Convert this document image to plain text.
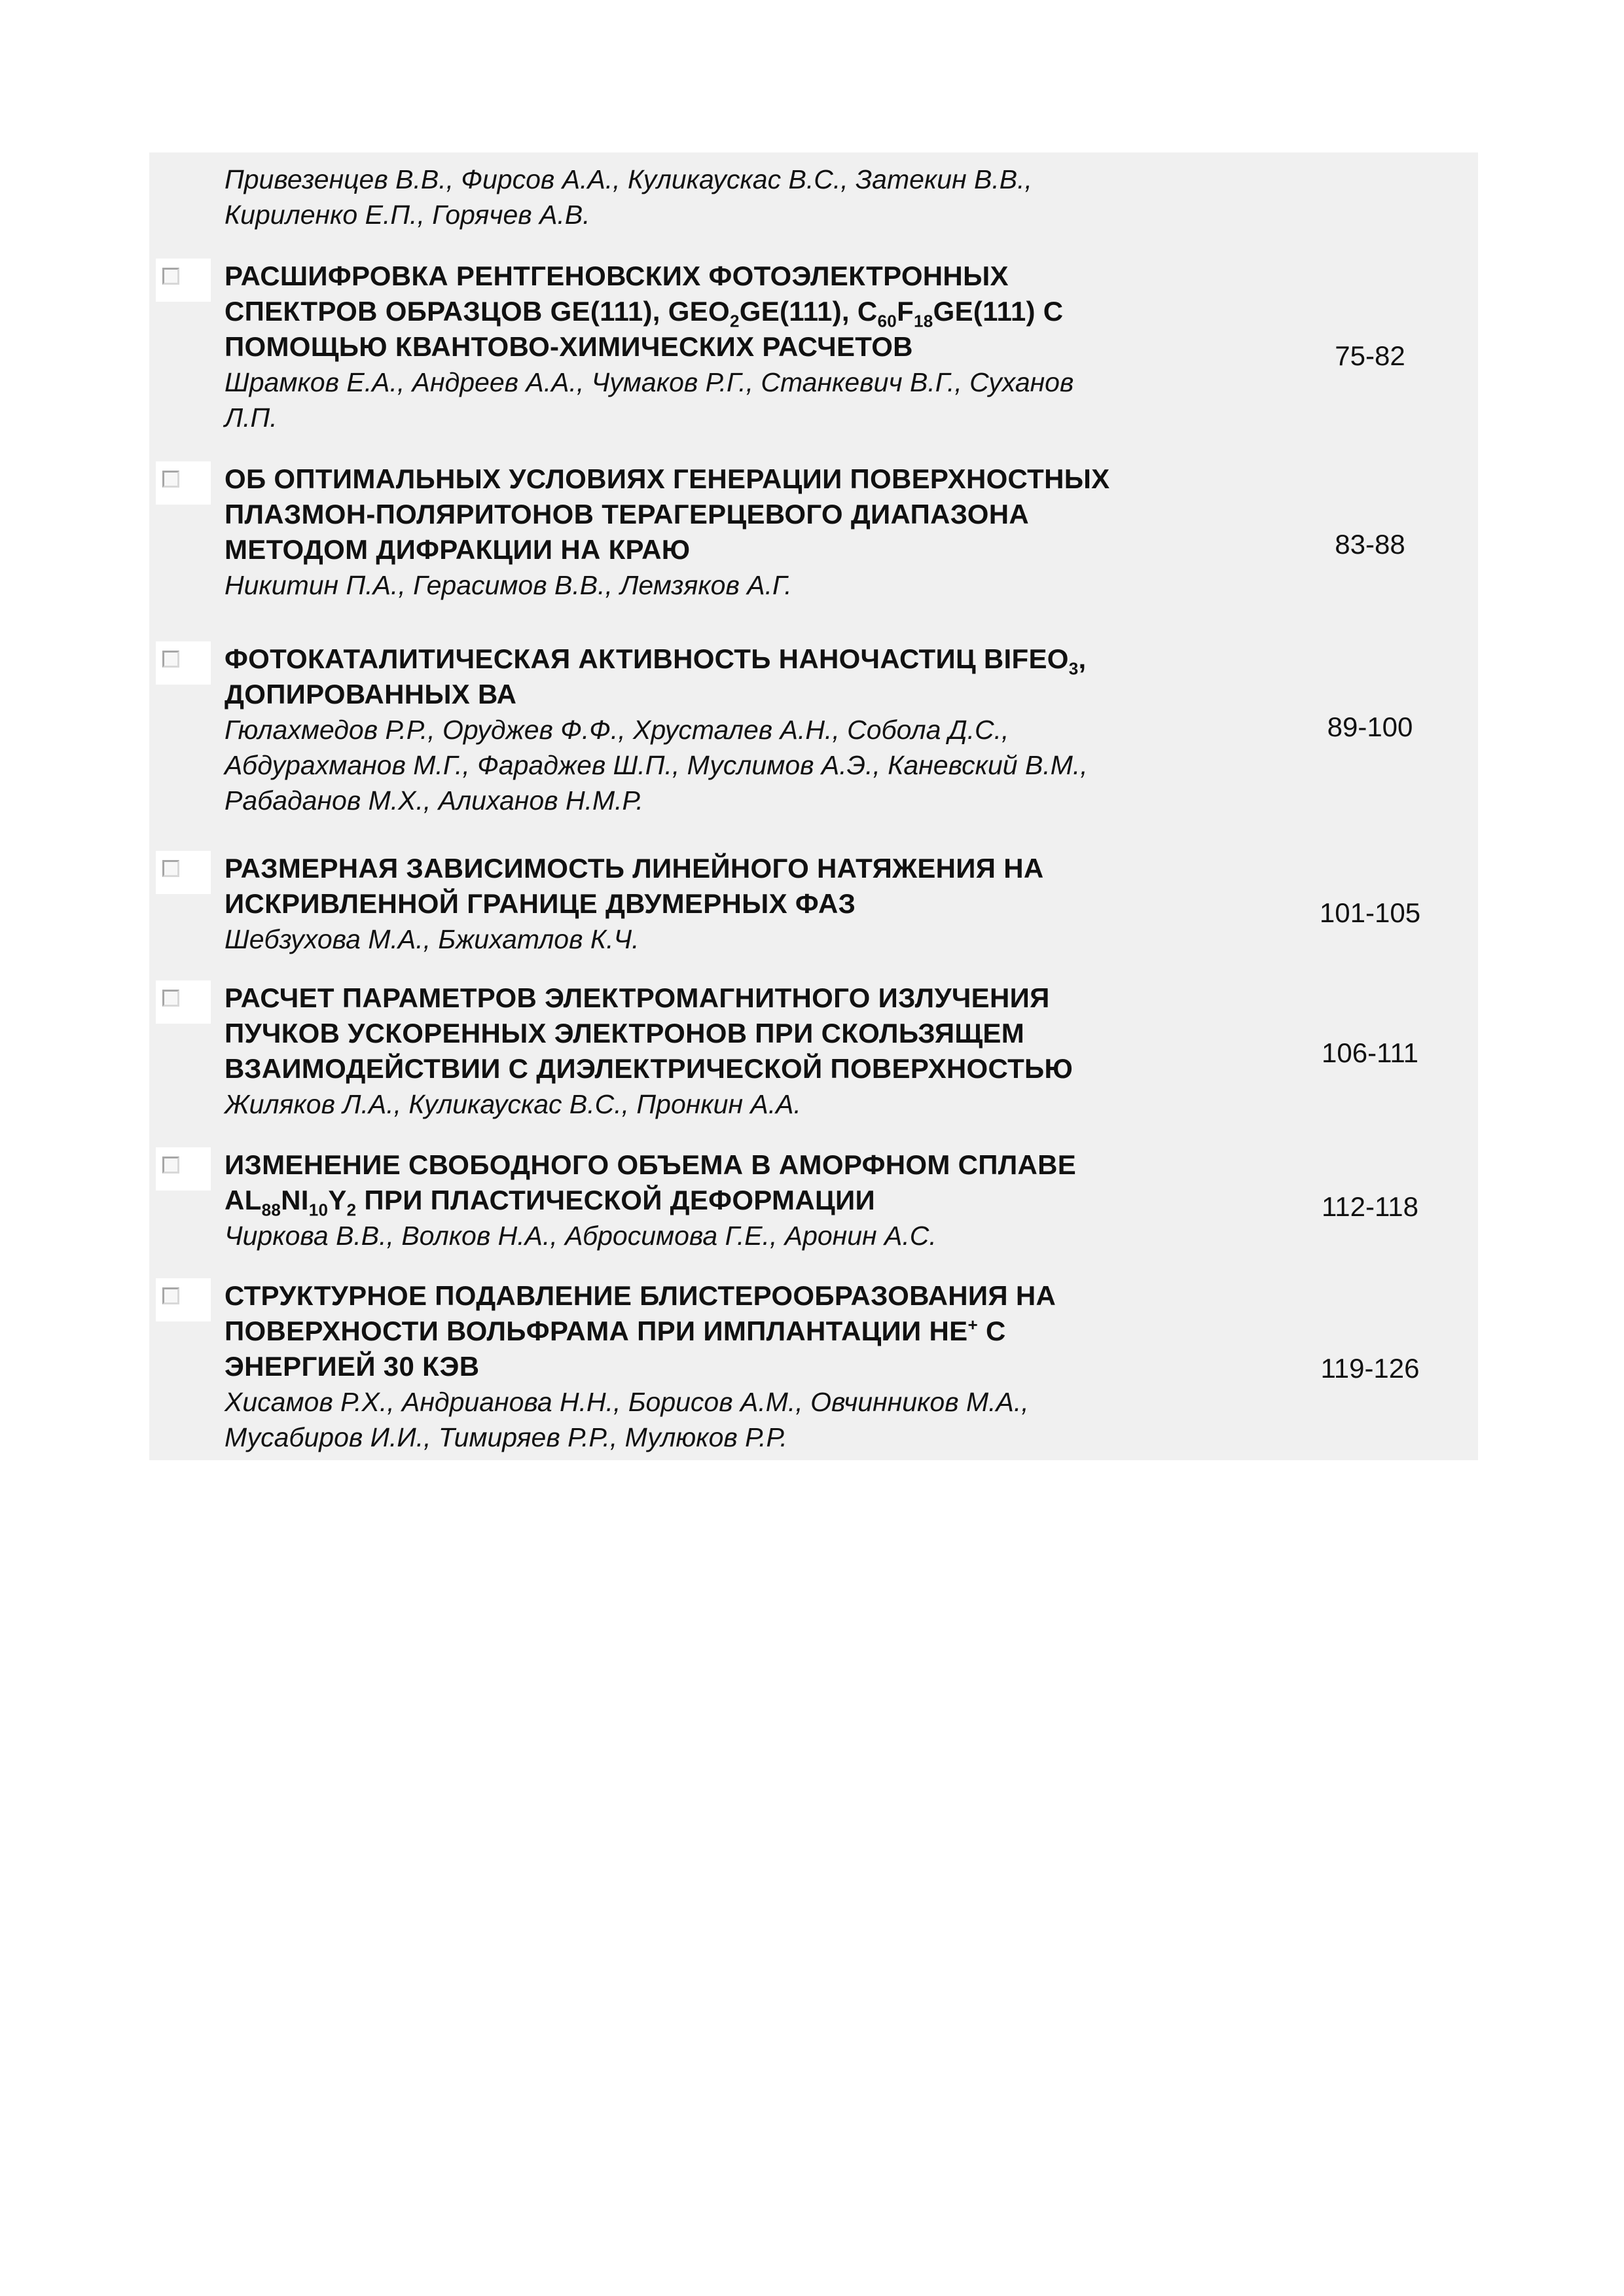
Привезенцев В.В., Фирсов А.А., Куликаускас В.С., Затекин В.В.,
Кириленко Е.П., Горячев А.В.
РАСШИФРОВКА РЕНТГЕНОВСКИХ ФОТОЭЛЕКТРОННЫХ
СПЕКТРОВ ОБРАЗЦОВ GE(111), $GEO_2GE(111)$, $C_{60}F_{18}GE(111)$ С
ПОМОЩЬЮ КВАНТОВО-ХИМИЧЕСКИХ РАСЧЕТОВ
Шрамков Е.А., Андреев А.А., Чумаков Р.Г., Станкевич В.Г., Суханов
Л.П.
75-82
ОБ ОПТИМАЛЬНЫХ УСЛОВИЯХ ГЕНЕРАЦИИ ПОВЕРХНОСТНЫХ
ПЛАЗМОН-ПОЛЯРИТОНОВ ТЕРАГЕРЦЕВОГО ДИАПАЗОНА
МЕТОДОМ ДИФРАКЦИИ НА КРАЮ
Никитин П.А., Герасимов В.В., Лемзяков А.Г.
83-88
ФОТОКАТАЛИТИЧЕСКАЯ АКТИВНОСТЬ НАНОЧАСТИЦ $BIFEO_3$,
ДОПИРОВАННЫХ ВА
Гюлахмедов Р.Р., Оруджев Ф.Ф., Хрусталев А.Н., Собола Д.С.,
Абдурахманов М.Г., Фараджев Ш.П., Муслимов А.Э., Каневский В.М.,
Рабаданов М.Х., Алиханов Н.М.Р.
89-100
РАЗМЕРНАЯ ЗАВИСИМОСТЬ ЛИНЕЙНОГО НАТЯЖЕНИЯ НА
ИСКРИВЛЕННОЙ ГРАНИЦЕ ДВУМЕРНЫХ ФАЗ
Шебзухова М.А., Бжихатлов К.Ч.
101-105
РАСЧЕТ ПАРАМЕТРОВ ЭЛЕКТРОМАГНИТНОГО ИЗЛУЧЕНИЯ
ПУЧКОВ УСКОРЕННЫХ ЭЛЕКТРОНОВ ПРИ СКОЛЬЗЯЩЕМ
ВЗАИМОДЕЙСТВИИ С ДИЭЛЕКТРИЧЕСКОЙ ПОВЕРХНОСТЬЮ
Жиляков Л.А., Куликаускас В.С., Пронкин А.А.
106-111
ИЗМЕНЕНИЕ СВОБОДНОГО ОБЪЕМА В АМОРФНОМ СПЛАВЕ
$AL_{88}NI_{10}Y_2$ ПРИ ПЛАСТИЧЕСКОЙ ДЕФОРМАЦИИ
Чиркова В.В., Волков Н.А., Абросимова Г.Е., Аронин А.С.
112-118
СТРУКТУРНОЕ ПОДАВЛЕНИЕ БЛИСТЕРООБРАЗОВАНИЯ НА
ПОВЕРХНОСТИ ВОЛЬФРАМА ПРИ ИМПЛАНТАЦИИ НЕ+ С
ЭНЕРГИЕЙ 30 КЭВ
Хисамов Р.Х., Андрианова Н.Н., Борисов А.М., Овчинников М.А.,
Мусабиров И.И., Тимиряев Р.Р., Мулюков Р.Р.
119-126
